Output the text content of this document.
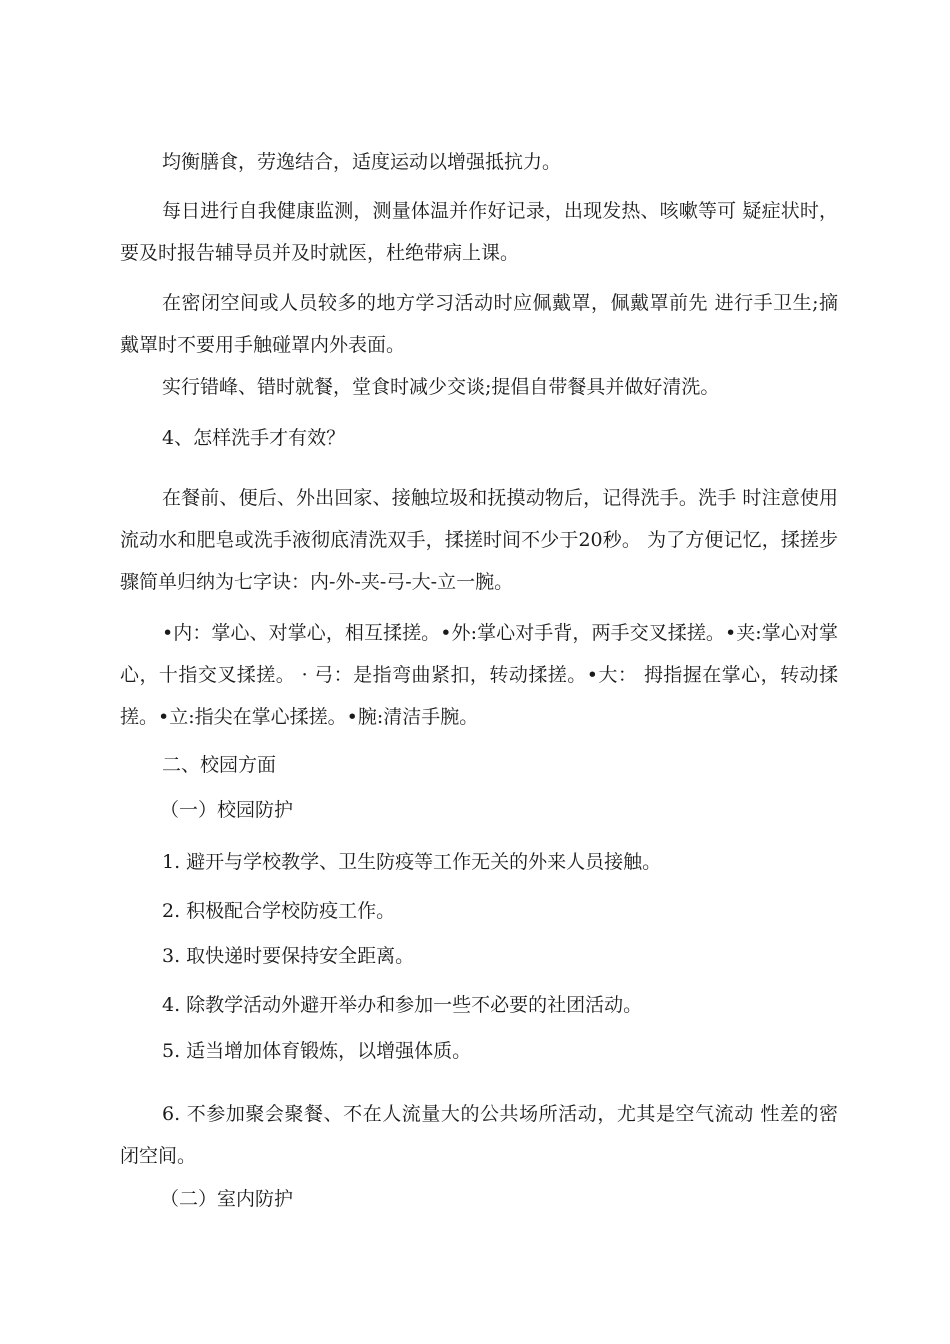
均衡膳食，劳逸结合，适度运动以增强抵抗力。

每日进行自我健康监测，测量体温并作好记录，出现发热、咳嗽等可 疑症状时，要及时报告辅导员并及时就医，杜绝带病上课。

在密闭空间或人员较多的地方学习活动时应佩戴罩，佩戴罩前先 进行手卫生;摘戴罩时不要用手触碰罩内外表面。

实行错峰、错时就餐，堂食时减少交谈;提倡自带餐具并做好清洗。

4、怎样洗手才有效？

在餐前、便后、外出回家、接触垃圾和抚摸动物后，记得洗手。洗手 时注意使用流动水和肥皂或洗手液彻底清洗双手，揉搓时间不少于20秒。 为了方便记忆，揉搓步骤简单归纳为七字诀：内-外-夹-弓-大-立一腕。

•内：掌心、对掌心，相互揉搓。•外:掌心对手背，两手交叉揉搓。•夹:掌心对掌心，十指交叉揉搓。 · 弓：是指弯曲紧扣，转动揉搓。•大： 拇指握在掌心，转动揉搓。•立:指尖在掌心揉搓。•腕:清洁手腕。

二、校园方面

（一）校园防护

1. 避开与学校教学、卫生防疫等工作无关的外来人员接触。

2. 积极配合学校防疫工作。

3. 取快递时要保持安全距离。

4. 除教学活动外避开举办和参加一些不必要的社团活动。

5. 适当增加体育锻炼，以增强体质。

6. 不参加聚会聚餐、不在人流量大的公共场所活动，尤其是空气流动 性差的密闭空间。

（二）室内防护
